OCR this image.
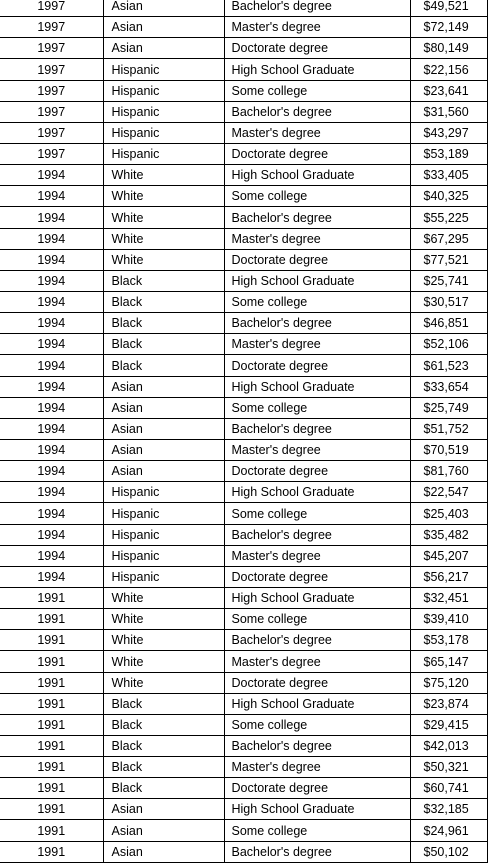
1997	Asian	Bachelor's degree	$49,521
1997	Asian	Master's degree	$72,149
1997	Asian	Doctorate degree	$80,149
1997	Hispanic	High School Graduate	$22,156
1997	Hispanic	Some college	$23,641
1997	Hispanic	Bachelor's degree	$31,560
1997	Hispanic	Master's degree	$43,297
1997	Hispanic	Doctorate degree	$53,189
1994	White	High School Graduate	$33,405
1994	White	Some college	$40,325
1994	White	Bachelor's degree	$55,225
1994	White	Master's degree	$67,295
1994	White	Doctorate degree	$77,521
1994	Black	High School Graduate	$25,741
1994	Black	Some college	$30,517
1994	Black	Bachelor's degree	$46,851
1994	Black	Master's degree	$52,106
1994	Black	Doctorate degree	$61,523
1994	Asian	High School Graduate	$33,654
1994	Asian	Some college	$25,749
1994	Asian	Bachelor's degree	$51,752
1994	Asian	Master's degree	$70,519
1994	Asian	Doctorate degree	$81,760
1994	Hispanic	High School Graduate	$22,547
1994	Hispanic	Some college	$25,403
1994	Hispanic	Bachelor's degree	$35,482
1994	Hispanic	Master's degree	$45,207
1994	Hispanic	Doctorate degree	$56,217
1991	White	High School Graduate	$32,451
1991	White	Some college	$39,410
1991	White	Bachelor's degree	$53,178
1991	White	Master's degree	$65,147
1991	White	Doctorate degree	$75,120
1991	Black	High School Graduate	$23,874
1991	Black	Some college	$29,415
1991	Black	Bachelor's degree	$42,013
1991	Black	Master's degree	$50,321
1991	Black	Doctorate degree	$60,741
1991	Asian	High School Graduate	$32,185
1991	Asian	Some college	$24,961
1991	Asian	Bachelor's degree	$50,102
